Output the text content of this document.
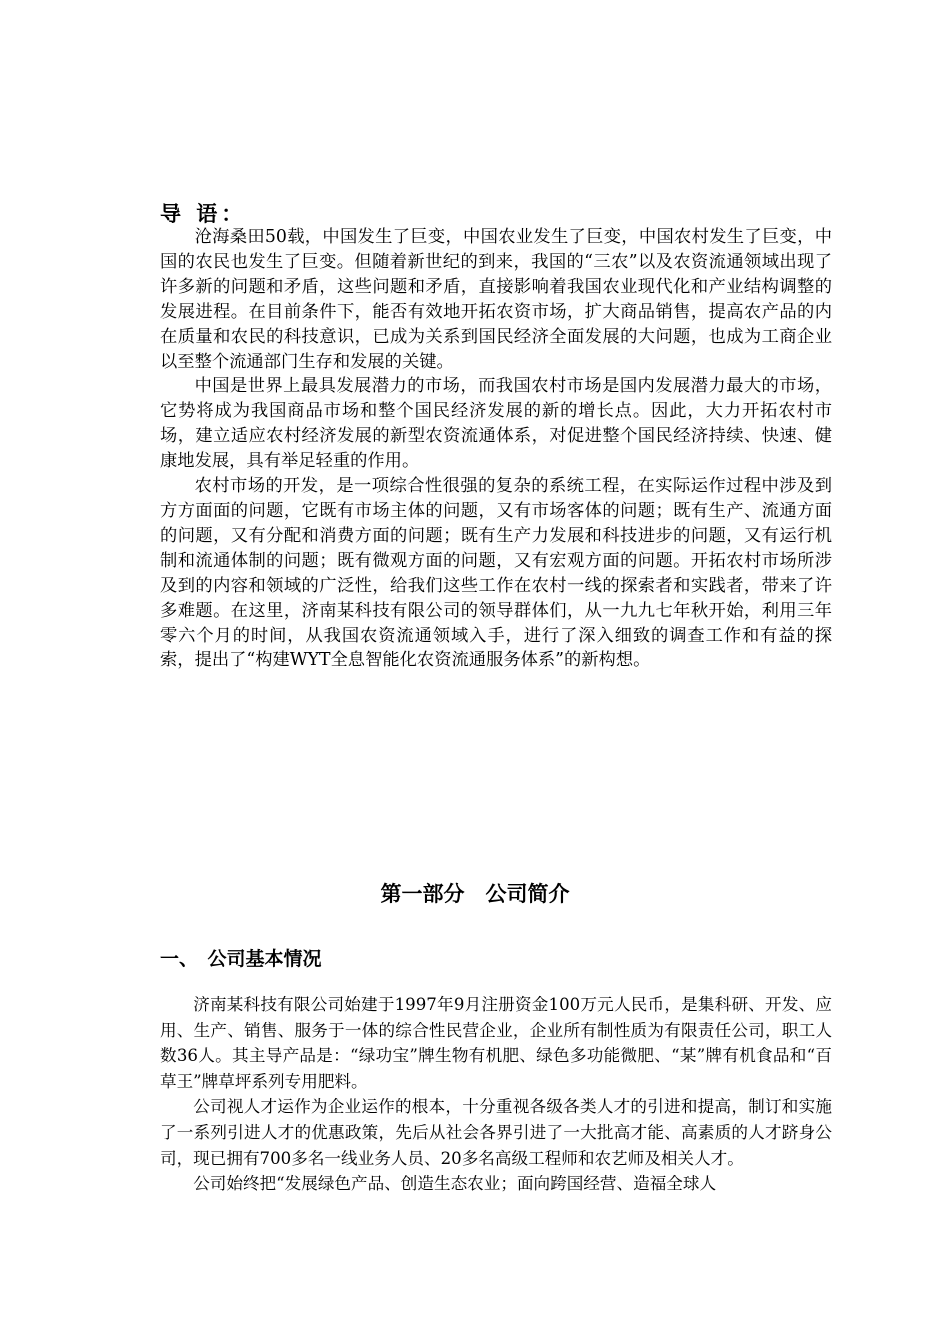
导 语：

沧海桑田50载，中国发生了巨变，中国农业发生了巨变，中国农村发生了巨变，中国的农民也发生了巨变。但随着新世纪的到来，我国的“三农”以及农资流通领域出现了许多新的问题和矛盾，这些问题和矛盾，直接影响着我国农业现代化和产业结构调整的发展进程。在目前条件下，能否有效地开拓农资市场，扩大商品销售，提高农产品的内在质量和农民的科技意识，已成为关系到国民经济全面发展的大问题，也成为工商企业以至整个流通部门生存和发展的关键。

中国是世界上最具发展潜力的市场，而我国农村市场是国内发展潜力最大的市场，它势将成为我国商品市场和整个国民经济发展的新的增长点。因此，大力开拓农村市场，建立适应农村经济发展的新型农资流通体系，对促进整个国民经济持续、快速、健康地发展，具有举足轻重的作用。

农村市场的开发，是一项综合性很强的复杂的系统工程，在实际运作过程中涉及到方方面面的问题，它既有市场主体的问题，又有市场客体的问题；既有生产、流通方面的问题，又有分配和消费方面的问题；既有生产力发展和科技进步的问题，又有运行机制和流通体制的问题；既有微观方面的问题，又有宏观方面的问题。开拓农村市场所涉及到的内容和领域的广泛性，给我们这些工作在农村一线的探索者和实践者，带来了许多难题。在这里，济南某科技有限公司的领导群体们，从一九九七年秋开始，利用三年零六个月的时间，从我国农资流通领域入手，进行了深入细致的调查工作和有益的探索，提出了“构建WYT全息智能化农资流通服务体系”的新构想。

第一部分　公司简介
一、　公司基本情况

济南某科技有限公司始建于1997年9月注册资金100万元人民币，是集科研、开发、应用、生产、销售、服务于一体的综合性民营企业，企业所有制性质为有限责任公司，职工人数36人。其主导产品是：“绿功宝”牌生物有机肥、绿色多功能微肥、“某”牌有机食品和“百草王”牌草坪系列专用肥料。

公司视人才运作为企业运作的根本，十分重视各级各类人才的引进和提高，制订和实施了一系列引进人才的优惠政策，先后从社会各界引进了一大批高才能、高素质的人才跻身公司，现已拥有700多名一线业务人员、20多名高级工程师和农艺师及相关人才。

公司始终把“发展绿色产品、创造生态农业；面向跨国经营、造福全球人
